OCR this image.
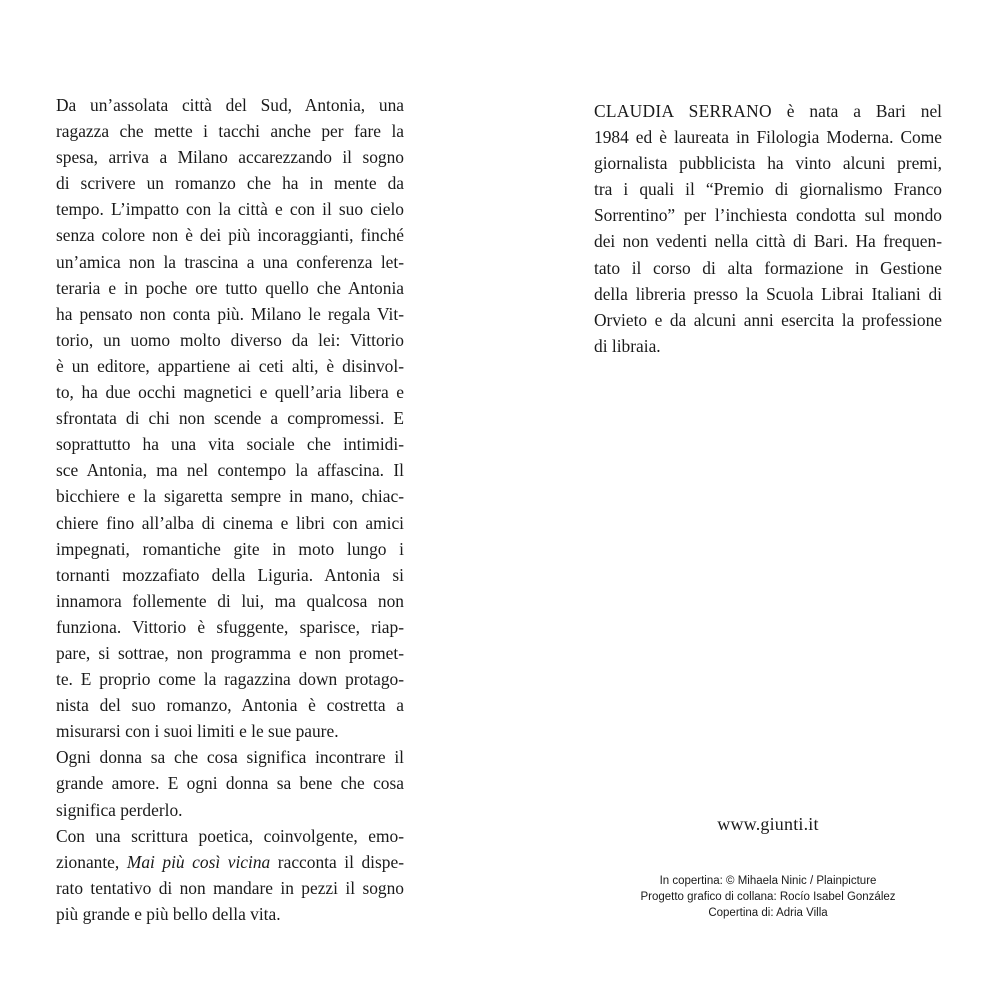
Da un’assolata città del Sud, Antonia, una
ragazza che mette i tacchi anche per fare la
spesa, arriva a Milano accarezzando il sogno
di scrivere un romanzo che ha in mente da
tempo. L’impatto con la città e con il suo cielo
senza colore non è dei più incoraggianti, finché
un’amica non la trascina a una conferenza let-
teraria e in poche ore tutto quello che Antonia
ha pensato non conta più. Milano le regala Vit-
torio, un uomo molto diverso da lei: Vittorio
è un editore, appartiene ai ceti alti, è disinvol-
to, ha due occhi magnetici e quell’aria libera e
sfrontata di chi non scende a compromessi. E
soprattutto ha una vita sociale che intimidi-
sce Antonia, ma nel contempo la affascina. Il
bicchiere e la sigaretta sempre in mano, chiac-
chiere fino all’alba di cinema e libri con amici
impegnati, romantiche gite in moto lungo i
tornanti mozzafiato della Liguria. Antonia si
innamora follemente di lui, ma qualcosa non
funziona. Vittorio è sfuggente, sparisce, riap-
pare, si sottrae, non programma e non promet-
te. E proprio come la ragazzina down protago-
nista del suo romanzo, Antonia è costretta a
misurarsi con i suoi limiti e le sue paure.
Ogni donna sa che cosa significa incontrare il
grande amore. E ogni donna sa bene che cosa
significa perderlo.
Con una scrittura poetica, coinvolgente, emo-
zionante, Mai più così vicina racconta il dispe-
rato tentativo di non mandare in pezzi il sogno
più grande e più bello della vita.
CLAUDIA SERRANO è nata a Bari nel
1984 ed è laureata in Filologia Moderna. Come
giornalista pubblicista ha vinto alcuni premi,
tra i quali il “Premio di giornalismo Franco
Sorrentino” per l’inchiesta condotta sul mondo
dei non vedenti nella città di Bari. Ha frequen-
tato il corso di alta formazione in Gestione
della libreria presso la Scuola Librai Italiani di
Orvieto e da alcuni anni esercita la professione
di libraia.
www.giunti.it
In copertina: © Mihaela Ninic / Plainpicture
Progetto grafico di collana: Rocío Isabel González
Copertina di: Adria Villa
